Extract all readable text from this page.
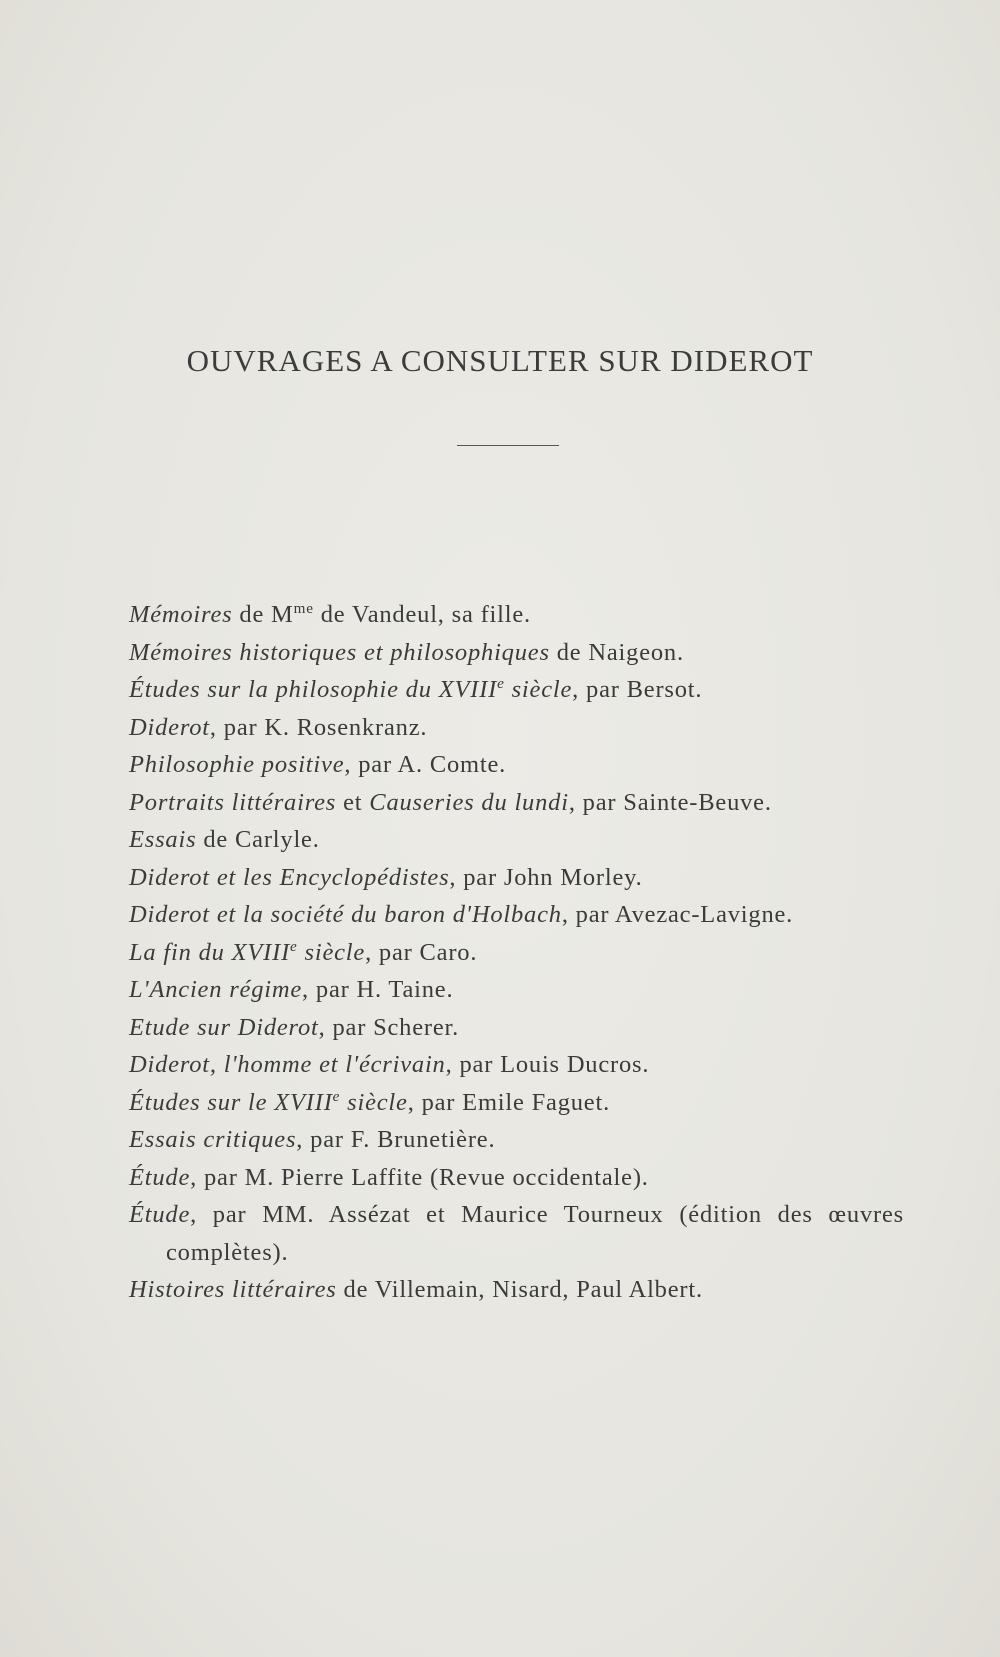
OUVRAGES A CONSULTER SUR DIDEROT
Mémoires de $M^{me}$ de Vandeul, sa fille.
Mémoires historiques et philosophiques de Naigeon.
Études sur la philosophie du XVIIIe siècle, par Bersot.
Diderot, par K. Rosenkranz.
Philosophie positive, par A. Comte.
Portraits littéraires et Causeries du lundi, par Sainte-Beuve.
Essais de Carlyle.
Diderot et les Encyclopédistes, par John Morley.
Diderot et la société du baron d'Holbach, par Avezac-Lavigne.
La fin du XVIIIe siècle, par Caro.
L'Ancien régime, par H. Taine.
Etude sur Diderot, par Scherer.
Diderot, l'homme et l'écrivain, par Louis Ducros.
Études sur le XVIIIe siècle, par Emile Faguet.
Essais critiques, par F. Brunetière.
Étude, par M. Pierre Laffite (Revue occidentale).
Étude, par MM. Assézat et Maurice Tourneux (édition des œuvres complètes).
Histoires littéraires de Villemain, Nisard, Paul Albert.
